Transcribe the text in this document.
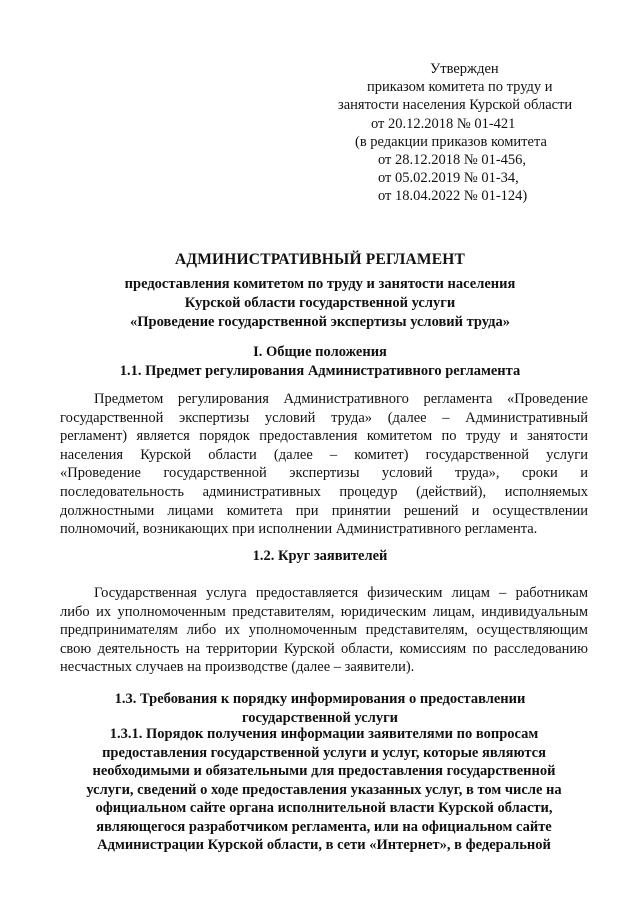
Утвержден
приказом комитета по труду и
занятости населения Курской области
от 20.12.2018 № 01-421
(в редакции приказов комитета
от 28.12.2018 № 01-456,
от 05.02.2019 № 01-34,
от 18.04.2022 № 01-124)
АДМИНИСТРАТИВНЫЙ РЕГЛАМЕНТ
предоставления комитетом по труду и занятости населения
Курской области государственной услуги
«Проведение государственной экспертизы условий труда»
I. Общие положения
1.1. Предмет регулирования Административного регламента
Предметом регулирования Административного регламента «Проведение
государственной экспертизы условий труда» (далее – Административный
регламент) является порядок предоставления комитетом по труду и занятости
населения Курской области (далее – комитет) государственной услуги
«Проведение государственной экспертизы условий труда», сроки и
последовательность административных процедур (действий), исполняемых
должностными лицами комитета при принятии решений и осуществлении
полномочий, возникающих при исполнении Административного регламента.
1.2. Круг заявителей
Государственная услуга предоставляется физическим лицам – работникам
либо их уполномоченным представителям, юридическим лицам, индивидуальным
предпринимателям либо их уполномоченным представителям, осуществляющим
свою деятельность на территории Курской области, комиссиям по расследованию
несчастных случаев на производстве (далее – заявители).
1.3. Требования к порядку информирования о предоставлении
государственной услуги
1.3.1. Порядок получения информации заявителями по вопросам
предоставления государственной услуги и услуг, которые являются
необходимыми и обязательными для предоставления государственной
услуги, сведений о ходе предоставления указанных услуг, в том числе на
официальном сайте органа исполнительной власти Курской области,
являющегося разработчиком регламента, или на официальном сайте
Администрации Курской области, в сети «Интернет», в федеральной
